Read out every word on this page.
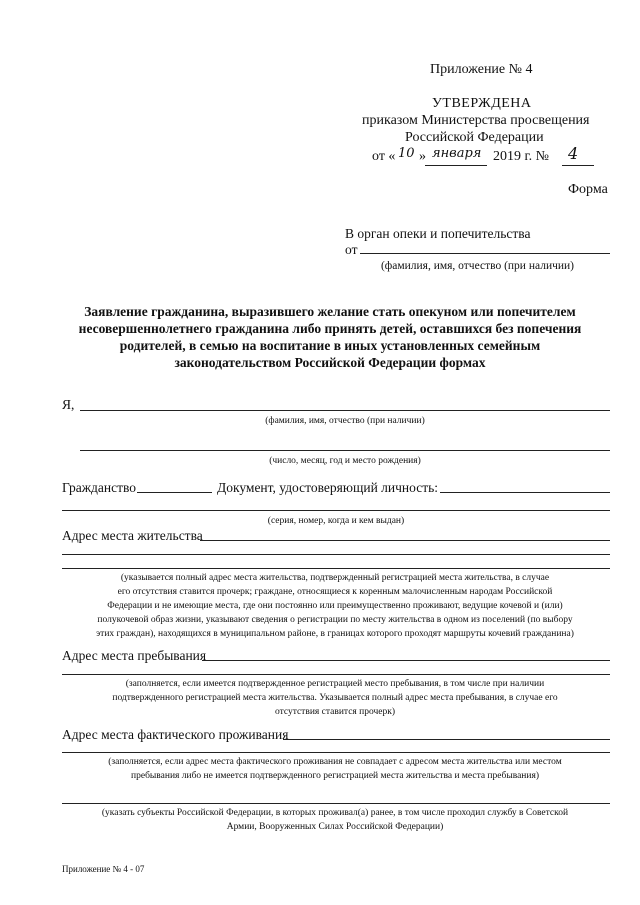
Приложение № 4
УТВЕРЖДЕНА
приказом Министерства просвещения
Российской Федерации
от « 10 » января 2019 г. № 4
Форма
В орган опеки и попечительства
от
(фамилия, имя, отчество (при наличии)
Заявление гражданина, выразившего желание стать опекуном или попечителем
несовершеннолетнего гражданина либо принять детей, оставшихся без попечения
родителей, в семью на воспитание в иных установленных семейным
законодательством Российской Федерации формах
Я,
(фамилия, имя, отчество (при наличии)
(число, месяц, год и место рождения)
Гражданство	Документ, удостоверяющий личность:
(серия, номер, когда и кем выдан)
Адрес места жительства
(указывается полный адрес места жительства, подтвержденный регистрацией места жительства, в случае
его отсутствия ставится прочерк; граждане, относящиеся к коренным малочисленным народам Российской
Федерации и не имеющие места, где они постоянно или преимущественно проживают, ведущие кочевой и (или)
полукочевой образ жизни, указывают сведения о регистрации по месту жительства в одном из поселений (по выбору
этих граждан), находящихся в муниципальном районе, в границах которого проходят маршруты кочевий гражданина)
Адрес места пребывания
(заполняется, если имеется подтвержденное регистрацией место пребывания, в том числе при наличии
подтвержденного регистрацией места жительства. Указывается полный адрес места пребывания, в случае его
отсутствия ставится прочерк)
Адрес места фактического проживания
(заполняется, если адрес места фактического проживания не совпадает с адресом места жительства или местом
пребывания либо не имеется подтвержденного регистрацией места жительства и места пребывания)
(указать субъекты Российской Федерации, в которых проживал(а) ранее, в том числе проходил службу в Советской
Армии, Вооруженных Силах Российской Федерации)
Приложение № 4 - 07
